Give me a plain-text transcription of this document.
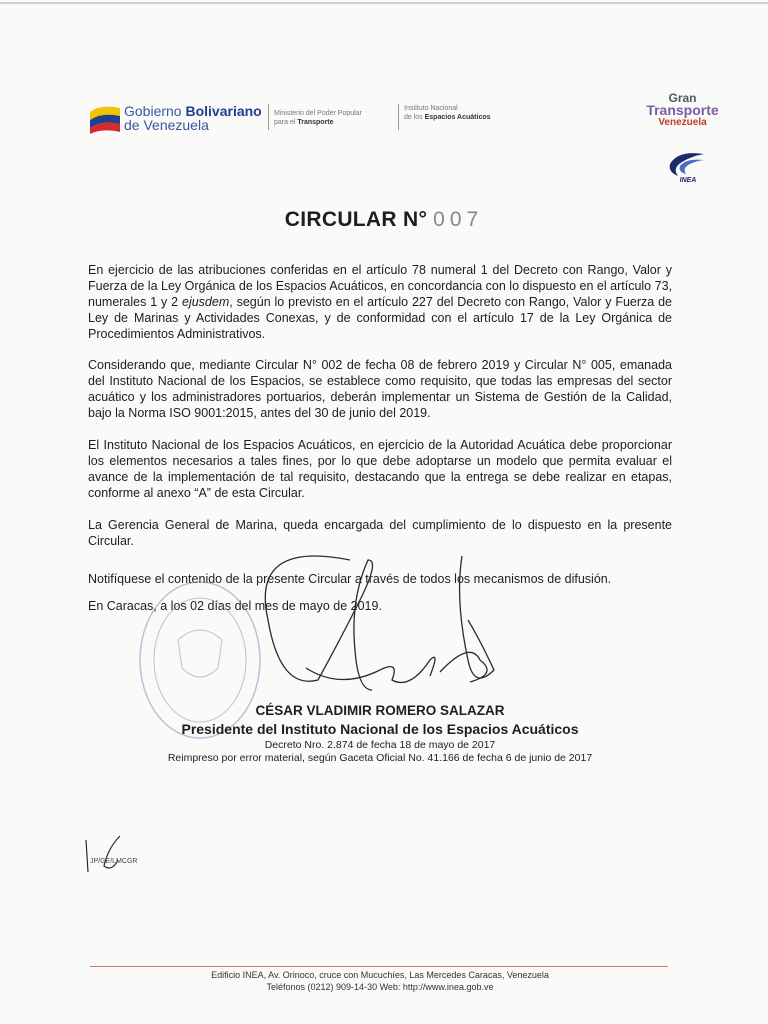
Gobierno Bolivariano
de Venezuela
Ministerio del Poder Popular
para el Transporte
Instituto Nacional
de los Espacios Acuáticos
Gran
Transporte
Venezuela
INEA
CIRCULAR N° 007
En ejercicio de las atribuciones conferidas en el artículo 78 numeral 1 del Decreto con Rango, Valor y Fuerza de la Ley Orgánica de los Espacios Acuáticos, en concordancia con lo dispuesto en el artículo 73, numerales 1 y 2 ejusdem, según lo previsto en el artículo 227 del Decreto con Rango, Valor y Fuerza de Ley de Marinas y Actividades Conexas, y de conformidad con el artículo 17 de la Ley Orgánica de Procedimientos Administrativos.
Considerando que, mediante Circular N° 002 de fecha 08 de febrero 2019 y Circular N° 005, emanada del Instituto Nacional de los Espacios, se establece como requisito, que todas las empresas del sector acuático y los administradores portuarios, deberán implementar un Sistema de Gestión de la Calidad, bajo la Norma ISO 9001:2015, antes del 30 de junio del 2019.
El Instituto Nacional de los Espacios Acuáticos, en ejercicio de la Autoridad Acuática debe proporcionar los elementos necesarios a tales fines, por lo que debe adoptarse un modelo que permita evaluar el avance de la implementación de tal requisito, destacando que la entrega se debe realizar en etapas, conforme al anexo “A” de esta Circular.
La Gerencia General de Marina, queda encargada del cumplimiento de lo dispuesto en la presente Circular.
Notifíquese el contenido de la presente Circular a través de todos los mecanismos de difusión.
En Caracas, a los 02 días del mes de mayo de 2019.
CÉSAR VLADIMIR ROMERO SALAZAR
Presidente del Instituto Nacional de los Espacios Acuáticos
Decreto Nro. 2.874 de fecha 18 de mayo de 2017
Reimpreso por error material, según Gaceta Oficial No. 41.166 de fecha 6 de junio de 2017
JP/GE/LMCGR
Edificio INEA, Av. Orinoco, cruce con Mucuchíes, Las Mercedes Caracas, Venezuela
Teléfonos (0212) 909-14-30 Web: http://www.inea.gob.ve
